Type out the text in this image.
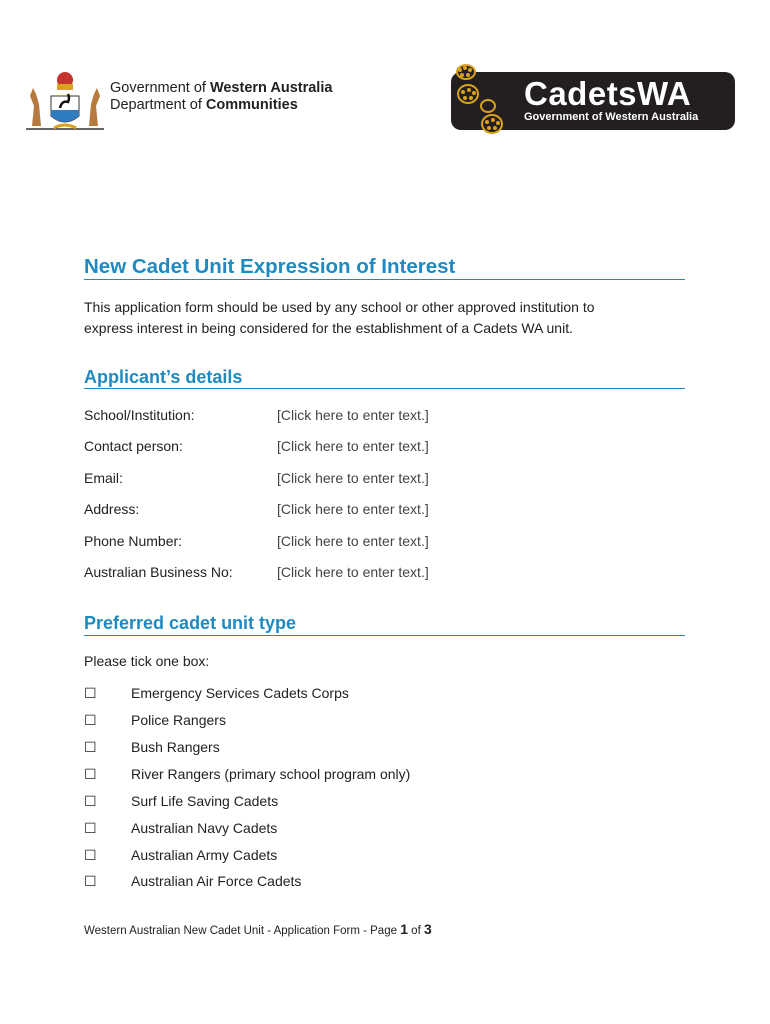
Government of Western Australia
Department of Communities	CadetsWA
Government of Western Australia
New Cadet Unit Expression of Interest
This application form should be used by any school or other approved institution to
express interest in being considered for the establishment of a Cadets WA unit.
Applicant’s details
School/Institution:	[Click here to enter text.]
Contact person:	[Click here to enter text.]
Email:	[Click here to enter text.]
Address:	[Click here to enter text.]
Phone Number:	[Click here to enter text.]
Australian Business No:	[Click here to enter text.]
Preferred cadet unit type
Please tick one box:
☐ Emergency Services Cadets Corps
☐ Police Rangers
☐ Bush Rangers
☐ River Rangers (primary school program only)
☐ Surf Life Saving Cadets
☐ Australian Navy Cadets
☐ Australian Army Cadets
☐ Australian Air Force Cadets
Western Australian New Cadet Unit - Application Form - Page 1 of 3
